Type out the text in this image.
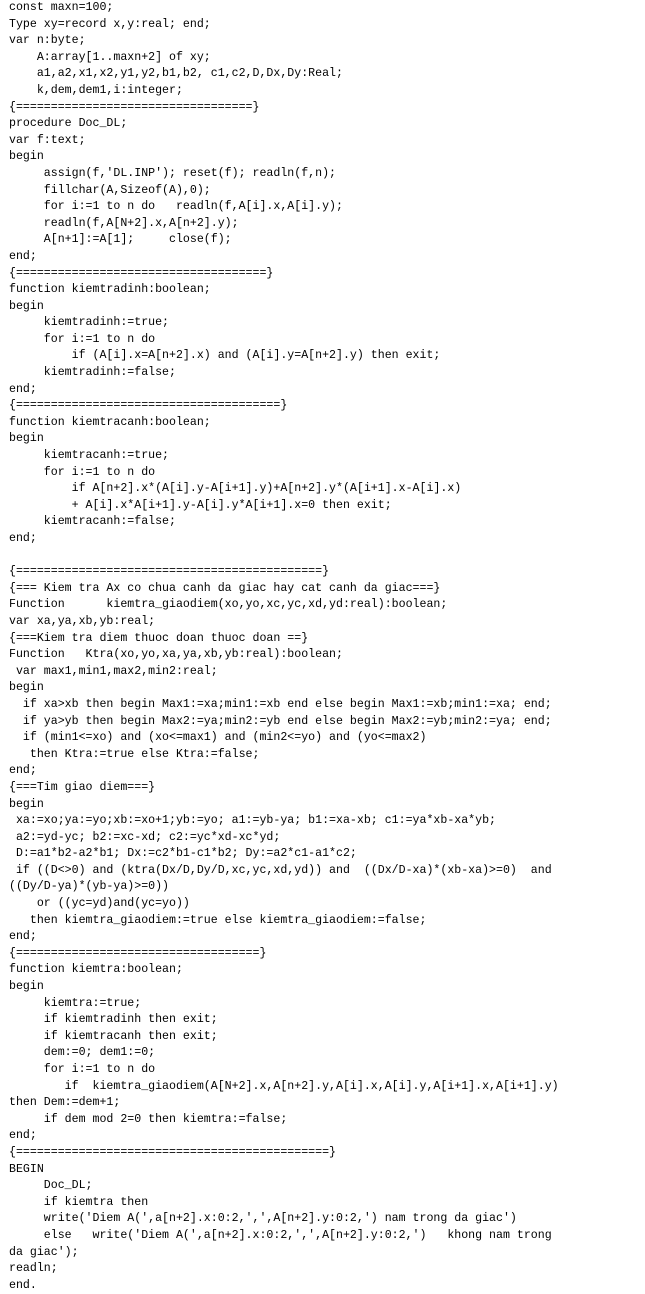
const maxn=100;
Type xy=record x,y:real; end;
var n:byte;
A:array[1..maxn+2] of xy;
a1,a2,x1,x2,y1,y2,b1,b2, c1,c2,D,Dx,Dy:Real;
k,dem,dem1,i:integer;
{==================================}
procedure Doc_DL;
var f:text;
begin
assign(f,'DL.INP'); reset(f); readln(f,n);
fillchar(A,Sizeof(A),0);
for i:=1 to n do   readln(f,A[i].x,A[i].y);
readln(f,A[N+2].x,A[n+2].y);
A[n+1]:=A[1];     close(f);
end;
{====================================}
function kiemtradinh:boolean;
begin
kiemtradinh:=true;
for i:=1 to n do
if (A[i].x=A[n+2].x) and (A[i].y=A[n+2].y) then exit;
kiemtradinh:=false;
end;
{======================================}
function kiemtracanh:boolean;
begin
kiemtracanh:=true;
for i:=1 to n do
if A[n+2].x*(A[i].y-A[i+1].y)+A[n+2].y*(A[i+1].x-A[i].x)
+ A[i].x*A[i+1].y-A[i].y*A[i+1].x=0 then exit;
kiemtracanh:=false;
end;
{============================================}
{=== Kiem tra Ax co chua canh da giac hay cat canh da giac===}
Function      kiemtra_giaodiem(xo,yo,xc,yc,xd,yd:real):boolean;
var xa,ya,xb,yb:real;
{===Kiem tra diem thuoc doan thuoc doan ==}
Function   Ktra(xo,yo,xa,ya,xb,yb:real):boolean;
var max1,min1,max2,min2:real;
begin
if xa>xb then begin Max1:=xa;min1:=xb end else begin Max1:=xb;min1:=xa; end;
if ya>yb then begin Max2:=ya;min2:=yb end else begin Max2:=yb;min2:=ya; end;
if (min1<=xo) and (xo<=max1) and (min2<=yo) and (yo<=max2)
then Ktra:=true else Ktra:=false;
end;
{===Tim giao diem===}
begin
xa:=xo;ya:=yo;xb:=xo+1;yb:=yo; a1:=yb-ya; b1:=xa-xb; c1:=ya*xb-xa*yb;
a2:=yd-yc; b2:=xc-xd; c2:=yc*xd-xc*yd;
D:=a1*b2-a2*b1; Dx:=c2*b1-c1*b2; Dy:=a2*c1-a1*c2;
if ((D<>0) and (ktra(Dx/D,Dy/D,xc,yc,xd,yd)) and  ((Dx/D-xa)*(xb-xa)>=0)  and
((Dy/D-ya)*(yb-ya)>=0))
or ((yc=yd)and(yc=yo))
then kiemtra_giaodiem:=true else kiemtra_giaodiem:=false;
end;
{===================================}
function kiemtra:boolean;
begin
kiemtra:=true;
if kiemtradinh then exit;
if kiemtracanh then exit;
dem:=0; dem1:=0;
for i:=1 to n do
if  kiemtra_giaodiem(A[N+2].x,A[n+2].y,A[i].x,A[i].y,A[i+1].x,A[i+1].y)
then Dem:=dem+1;
if dem mod 2=0 then kiemtra:=false;
end;
{=============================================}
BEGIN
Doc_DL;
if kiemtra then
write('Diem A(',a[n+2].x:0:2,',',A[n+2].y:0:2,') nam trong da giac')
else   write('Diem A(',a[n+2].x:0:2,',',A[n+2].y:0:2,')   khong nam trong
da giac');
readln;
end.
